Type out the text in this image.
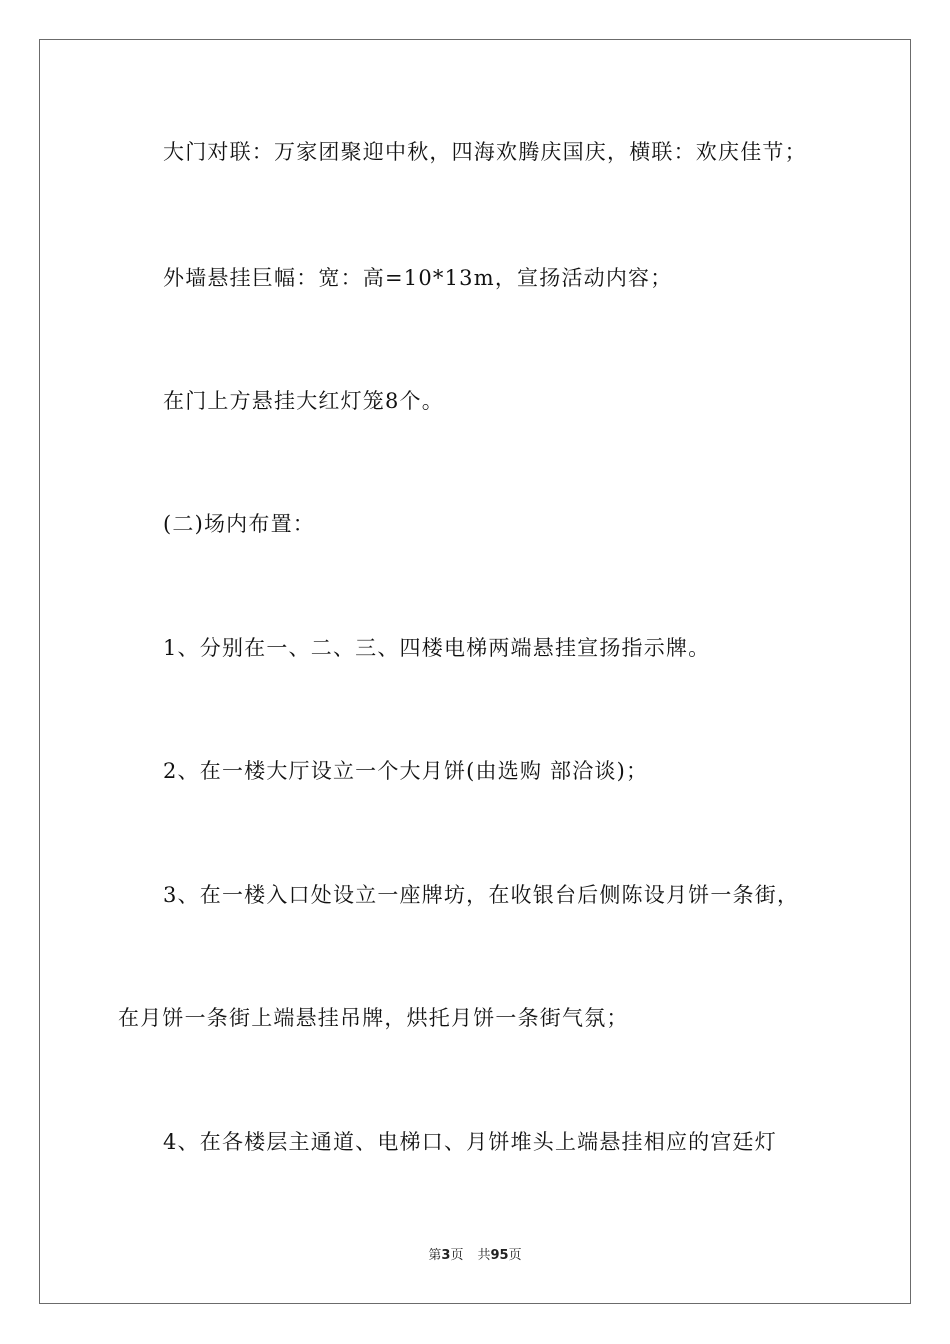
大门对联：万家团聚迎中秋，四海欢腾庆国庆，横联：欢庆佳节；
外墙悬挂巨幅：宽：高=10*13m，宣扬活动内容；
在门上方悬挂大红灯笼8个。
(二)场内布置：
1、分别在一、二、三、四楼电梯两端悬挂宣扬指示牌。
2、在一楼大厅设立一个大月饼(由选购 部洽谈)；
3、在一楼入口处设立一座牌坊，在收银台后侧陈设月饼一条街，
在月饼一条街上端悬挂吊牌，烘托月饼一条街气氛；
4、在各楼层主通道、电梯口、月饼堆头上端悬挂相应的宫廷灯
第3页 共95页
